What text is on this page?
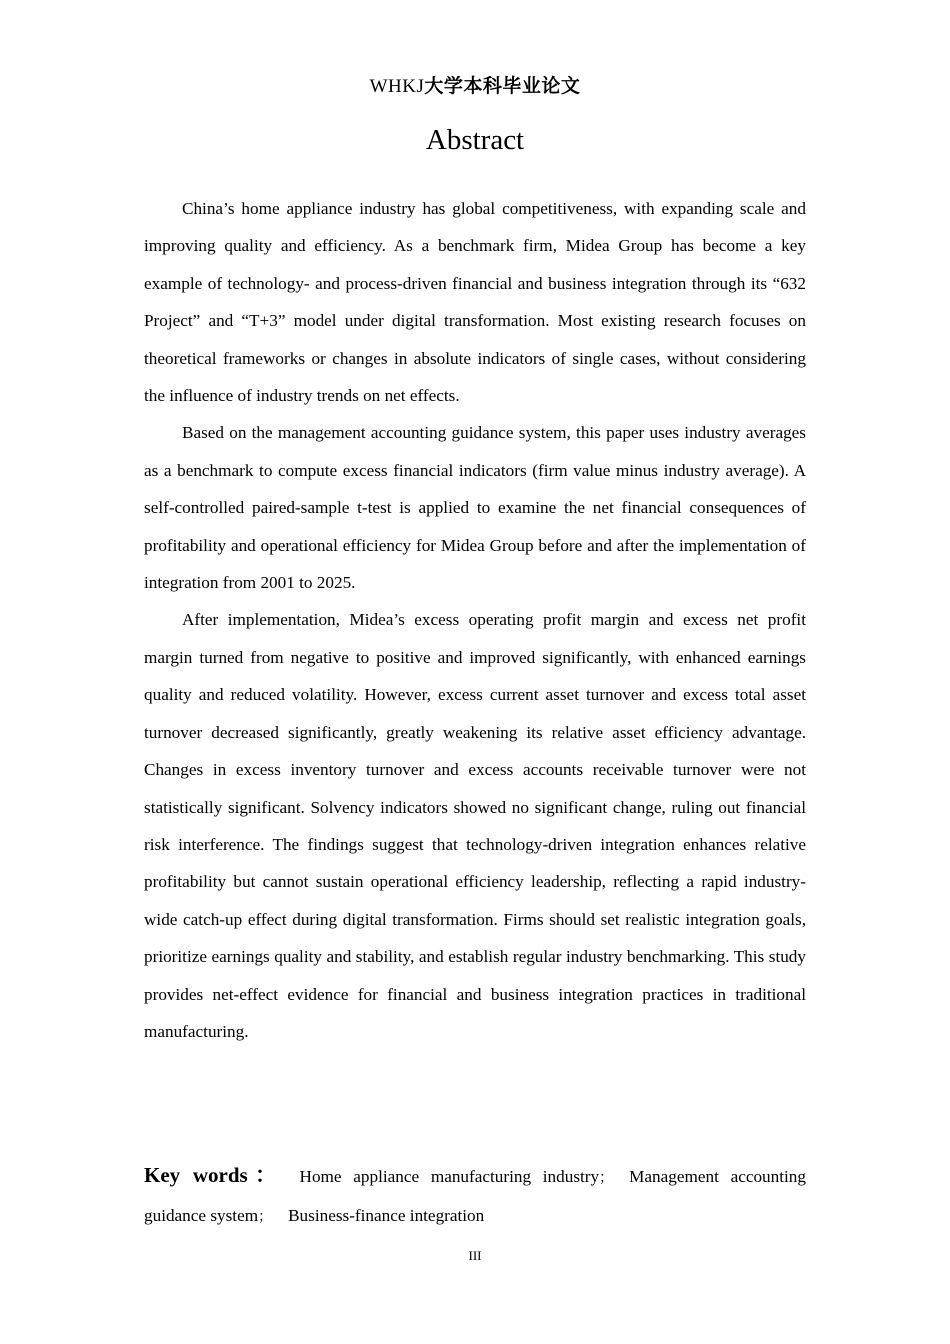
WHKJ大学本科毕业论文
Abstract

China’s home appliance industry has global competitiveness, with expanding scale and improving quality and efficiency. As a benchmark firm, Midea Group has become a key example of technology- and process-driven financial and business integration through its “632 Project” and “T+3” model under digital transformation. Most existing research focuses on theoretical frameworks or changes in absolute indicators of single cases, without considering the influence of industry trends on net effects.

Based on the management accounting guidance system, this paper uses industry averages as a benchmark to compute excess financial indicators (firm value minus industry average). A self-controlled paired-sample t-test is applied to examine the net financial consequences of profitability and operational efficiency for Midea Group before and after the implementation of integration from 2001 to 2025.

After implementation, Midea’s excess operating profit margin and excess net profit margin turned from negative to positive and improved significantly, with enhanced earnings quality and reduced volatility. However, excess current asset turnover and excess total asset turnover decreased significantly, greatly weakening its relative asset efficiency advantage. Changes in excess inventory turnover and excess accounts receivable turnover were not statistically significant. Solvency indicators showed no significant change, ruling out financial risk interference. The findings suggest that technology-driven integration enhances relative profitability but cannot sustain operational efficiency leadership, reflecting a rapid industry-wide catch-up effect during digital transformation. Firms should set realistic integration goals, prioritize earnings quality and stability, and establish regular industry benchmarking. This study provides net-effect evidence for financial and business integration practices in traditional manufacturing.

Key words： Home appliance manufacturing industry； Management accounting guidance system； Business-finance integration
III
